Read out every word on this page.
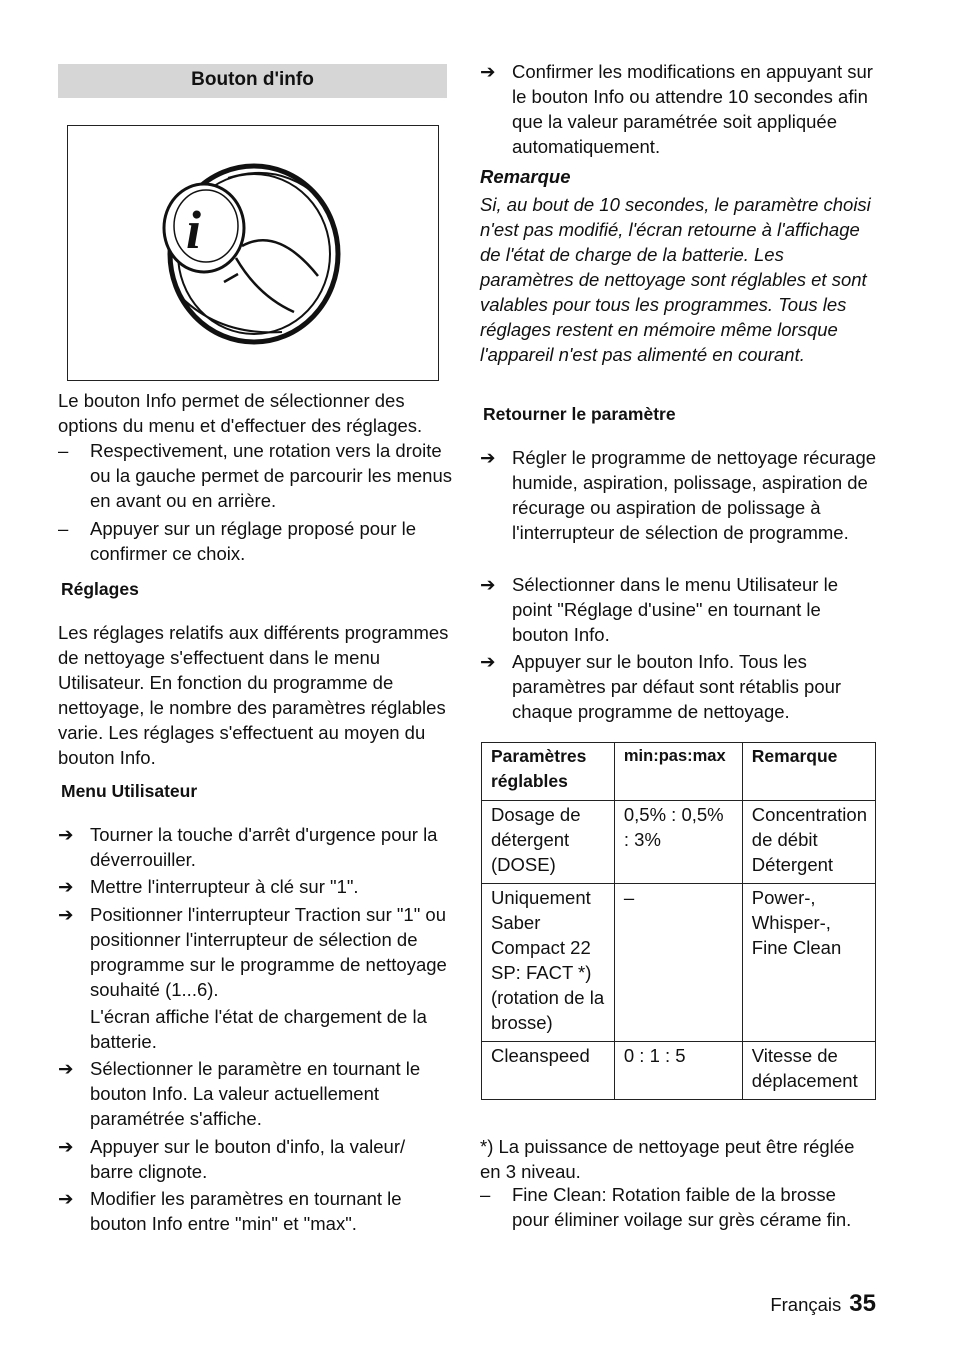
Bouton d'info
i

Le bouton Info permet de sélectionner des options du menu et d'effectuer des réglages.

– Respectivement, une rotation vers la droite ou la gauche permet de parcourir les menus en avant ou en arrière.
– Appuyer sur un réglage proposé pour le confirmer ce choix.
Réglages

Les réglages relatifs aux différents programmes de nettoyage s'effectuent dans le menu Utilisateur. En fonction du programme de nettoyage, le nombre des paramètres réglables varie. Les réglages s'effectuent au moyen du bouton Info.

Menu Utilisateur
➔ Tourner la touche d'arrêt d'urgence pour la déverrouiller.
➔ Mettre l'interrupteur à clé sur "1".
➔ Positionner l'interrupteur Traction sur "1" ou positionner l'interrupteur de sélection de programme sur le programme de nettoyage souhaité (1...6).

L'écran affiche l'état de chargement de la batterie.

➔ Sélectionner le paramètre en tournant le bouton Info. La valeur actuellement paramétrée s'affiche.
➔ Appuyer sur le bouton d'info, la valeur/ barre clignote.
➔ Modifier les paramètres en tournant le bouton Info entre "min" et "max".
➔ Confirmer les modifications en appuyant sur le bouton Info ou attendre 10 secondes afin que la valeur paramétrée soit appliquée automatiquement.
Remarque

Si, au bout de 10 secondes, le paramètre choisi n'est pas modifié, l'écran retourne à l'affichage de l'état de charge de la batterie. Les paramètres de nettoyage sont réglables et sont valables pour tous les programmes. Tous les réglages restent en mémoire même lorsque l'appareil n'est pas alimenté en courant.

Retourner le paramètre
➔ Régler le programme de nettoyage récurage humide, aspiration, polissage, aspiration de récurage ou aspiration de polissage à l'interrupteur de sélection de programme.
➔ Sélectionner dans le menu Utilisateur le point "Réglage d'usine" en tournant le bouton Info.
➔ Appuyer sur le bouton Info. Tous les paramètres par défaut sont rétablis pour chaque programme de nettoyage.
Paramètres réglables	min:pas:max	Remarque
Dosage de détergent (DOSE)	0,5% : 0,5% : 3%	Concentration de débit Détergent
Uniquement Saber Compact 22 SP: FACT *) (rotation de la brosse)	–	Power-, Whisper-, Fine Clean
Cleanspeed	0 : 1 : 5	Vitesse de déplacement

*) La puissance de nettoyage peut être réglée en 3 niveau.

– Fine Clean: Rotation faible de la brosse pour éliminer voilage sur grès cérame fin.
Français 35
